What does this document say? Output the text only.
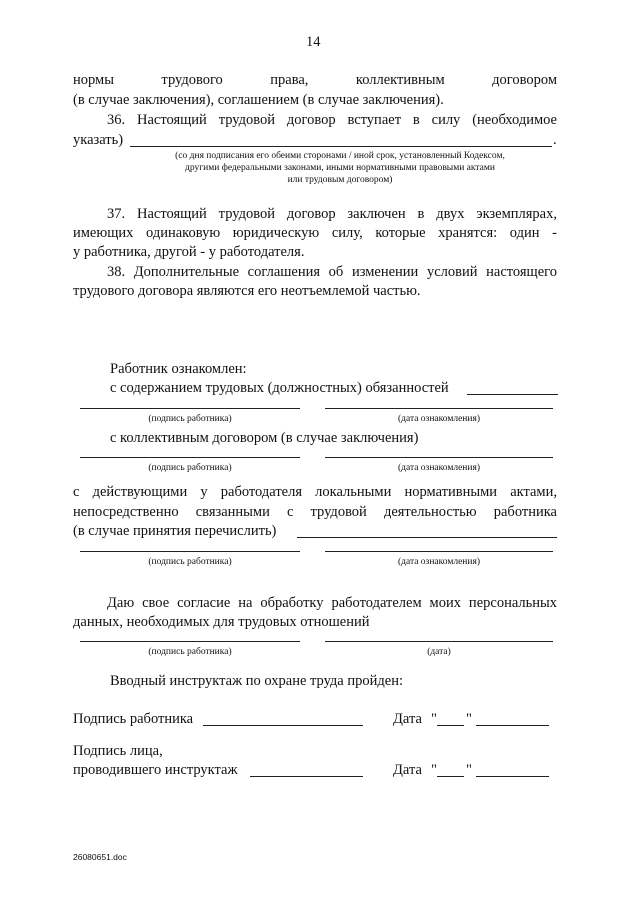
14
нормы трудового права, коллективным договором
(в случае заключения), соглашением (в случае заключения).
36. Настоящий трудовой договор вступает в силу (необходимое
указать)	.
(со дня подписания его обеими сторонами / иной срок, установленный Кодексом,
другими федеральными законами, иными нормативными правовыми актами
или трудовым договором)
37. Настоящий трудовой договор заключен в двух экземплярах,
имеющих одинаковую юридическую силу, которые хранятся: один -
у работника, другой - у работодателя.
38. Дополнительные соглашения об изменении условий настоящего
трудового договора являются его неотъемлемой частью.
Работник ознакомлен:
с содержанием трудовых (должностных) обязанностей
(подпись работника)	(дата ознакомления)
с коллективным договором (в случае заключения)
(подпись работника)	(дата ознакомления)
с действующими у работодателя локальными нормативными актами,
непосредственно связанными с трудовой деятельностью работника
(в случае принятия перечислить)
(подпись работника)	(дата ознакомления)
Даю свое согласие на обработку работодателем моих персональных
данных, необходимых для трудовых отношений
(подпись работника)	(дата)
Вводный инструктаж по охране труда пройден:
Подпись работника	Дата " "
Подпись лица,
проводившего инструктаж	Дата " "
26080651.doc
